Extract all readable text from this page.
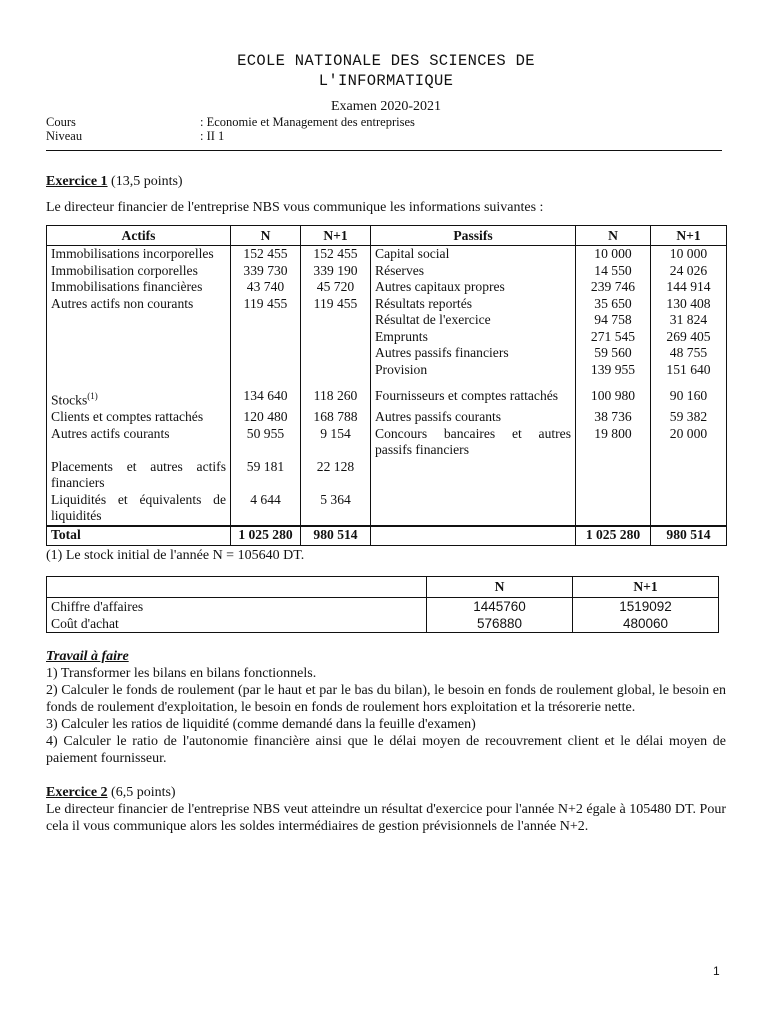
ECOLE NATIONALE DES SCIENCES DE
L'INFORMATIQUE
Examen 2020-2021
Cours	: Economie et Management des entreprises
Niveau	: II 1
Exercice 1 (13,5 points)
Le directeur financier de l'entreprise NBS vous communique les informations suivantes :
Actifs	N	N+1	Passifs	N	N+1
Immobilisations incorporelles	152 455	152 455	Capital social	10 000	10 000
Immobilisation corporelles	339 730	339 190	Réserves	14 550	24 026
Immobilisations financières	43 740	45 720	Autres capitaux propres	239 746	144 914
Autres actifs non courants	119 455	119 455	Résultats reportés	35 650	130 408
			Résultat de l'exercice	94 758	31 824
			Emprunts	271 545	269 405
			Autres passifs financiers	59 560	48 755
			Provision	139 955	151 640
Stocks$^{(1)}$	134 640	118 260	Fournisseurs et comptes rattachés	100 980	90 160
Clients et comptes rattachés	120 480	168 788	Autres passifs courants	38 736	59 382
Autres actifs courants	50 955	9 154	Concours bancaires et autres passifs financiers	19 800	20 000
Placements et autres actifs financiers	59 181	22 128			
Liquidités et équivalents de liquidités	4 644	5 364			
Total	1 025 280	980 514		1 025 280	980 514
(1) Le stock initial de l'année N = 105640 DT.
	N	N+1
Chiffre d'affaires	1445760	1519092
Coût d'achat	576880	480060
Travail à faire

1) Transformer les bilans en bilans fonctionnels.

2) Calculer le fonds de roulement (par le haut et par le bas du bilan), le besoin en fonds de roulement global, le besoin en fonds de roulement d'exploitation, le besoin en fonds de roulement hors exploitation et la trésorerie nette.

3) Calculer les ratios de liquidité (comme demandé dans la feuille d'examen)

4) Calculer le ratio de l'autonomie financière ainsi que le délai moyen de recouvrement client et le délai moyen de paiement fournisseur.

Exercice 2 (6,5 points)

Le directeur financier de l'entreprise NBS veut atteindre un résultat d'exercice pour l'année N+2 égale à 105480 DT. Pour cela il vous communique alors les soldes intermédiaires de gestion prévisionnels de l'année N+2.

1
